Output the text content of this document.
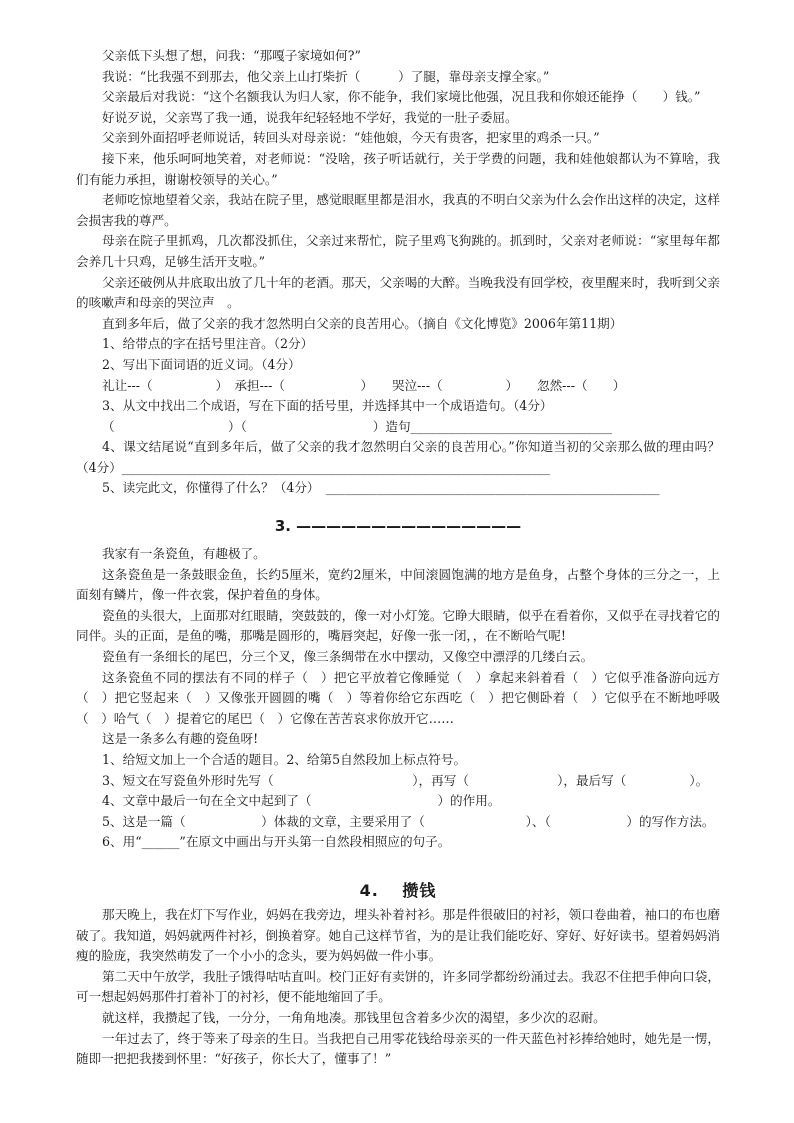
父亲低下头想了想，问我：“那嘎子家境如何?”

我说：“比我强不到那去，他父亲上山打柴折（　　　）了腿，靠母亲支撑全家。”

父亲最后对我说：“这个名额我认为归人家，你不能争，我们家境比他强，况且我和你娘还能挣（　　）钱。”

好说歹说，父亲骂了我一通，说我年纪轻轻地不学好，我觉的一肚子委屈。

父亲到外面招呼老师说话，转回头对母亲说：“娃他娘，今天有贵客，把家里的鸡杀一只。”

接下来，他乐呵呵地笑着，对老师说：“没啥，孩子听话就行，关于学费的问题，我和娃他娘都认为不算啥，我们有能力承担，谢谢校领导的关心。”

老师吃惊地望着父亲，我站在院子里，感觉眼眶里都是泪水，我真的不明白父亲为什么会作出这样的决定，这样会损害我的尊严。

母亲在院子里抓鸡，几次都没抓住，父亲过来帮忙，院子里鸡飞狗跳的。抓到时，父亲对老师说：“家里每年都会养几十只鸡，足够生活开支啦。”

父亲还破例从井底取出放了几十年的老酒。那天，父亲喝的大醉。当晚我没有回学校，夜里醒来时，我听到父亲的咳嗽声和母亲的哭泣声　。

直到多年后，做了父亲的我才忽然明白父亲的良苦用心。（摘自《文化博览》2006年第11期）

1、给带点的字在括号里注音。（2分）

2、写出下面词语的近义词。（4分）

礼让---（　　　　　）　承担---（　　　　　　）　　哭泣---（　　　　　）　　忽然---（　　）

3、从文中找出二个成语，写在下面的括号里，并选择其中一个成语造句。（4分）

（　　　　　　　　　）（　　　　　　　　　　）造句________________________________

4、课文结尾说“直到多年后，做了父亲的我才忽然明白父亲的良苦用心。”你知道当初的父亲那么做的理由吗？（4分）____________________________________________________________________

5、读完此文，你懂得了什么？（4分）　_____________________________________________________

3. ———————————————

我家有一条瓷鱼，有趣极了。

这条瓷鱼是一条鼓眼金鱼，长约5厘米，宽约2厘米，中间滚圆饱满的地方是鱼身，占整个身体的三分之一，上面刻有鳞片，像一件衣裳，保护着鱼的身体。

瓷鱼的头很大，上面那对红眼睛，突鼓鼓的，像一对小灯笼。它睁大眼睛，似乎在看着你，又似乎在寻找着它的同伴。头的正面，是鱼的嘴，那嘴是圆形的，嘴唇突起，好像一张一闭，，在不断哈气呢!

瓷鱼有一条细长的尾巴，分三个叉，像三条绸带在水中摆动，又像空中漂浮的几缕白云。

这条瓷鱼不同的摆法有不同的样子（　）把它平放着它像睡觉（　）拿起来斜着看（　）它似乎准备游向远方（　）把它竖起来（　）又像张开圆圆的嘴（　）等着你给它东西吃（　）把它侧卧着（　）它似乎在不断地呼吸（　）哈气（　）提着它的尾巴（　）它像在苦苦哀求你放开它……

这是一条多么有趣的瓷鱼呀!

1、给短文加上一个合适的题目。2、给第5自然段加上标点符号。

3、短文在写瓷鱼外形时先写（　　　　　　　　　　　），再写（　　　　　　　），最后写（　　　　　）。

4、文章中最后一句在全文中起到了（　　　　　　　　　　）的作用。

5、这是一篇（　　　　　　）体裁的文章，主要采用了（　　　　　　　　）、（　　　　　　）的写作方法。

6、用“______”在原文中画出与开头第一自然段相照应的句子。

4.　 攒钱

那天晚上，我在灯下写作业，妈妈在我旁边，埋头补着衬衫。那是件很破旧的衬衫，领口卷曲着，袖口的布也磨破了。我知道，妈妈就两件衬衫，倒换着穿。她自己这样节省，为的是让我们能吃好、穿好、好好读书。望着妈妈消瘦的脸庞，我突然萌发了一个小小的念头，要为妈妈做一件小事。

第二天中午放学，我肚子饿得咕咕直叫。校门正好有卖饼的，许多同学都纷纷涌过去。我忍不住把手伸向口袋，可一想起妈妈那件打着补丁的衬衫，便不能地缩回了手。

就这样，我攒起了钱，一分分，一角角地凑。那钱里包含着多少次的渴望，多少次的忍耐。

一年过去了，终于等来了母亲的生日。当我把自己用零花钱给母亲买的一件天蓝色衬衫捧给她时，她先是一愣，随即一把把我搂到怀里：“好孩子，你长大了，懂事了！”
